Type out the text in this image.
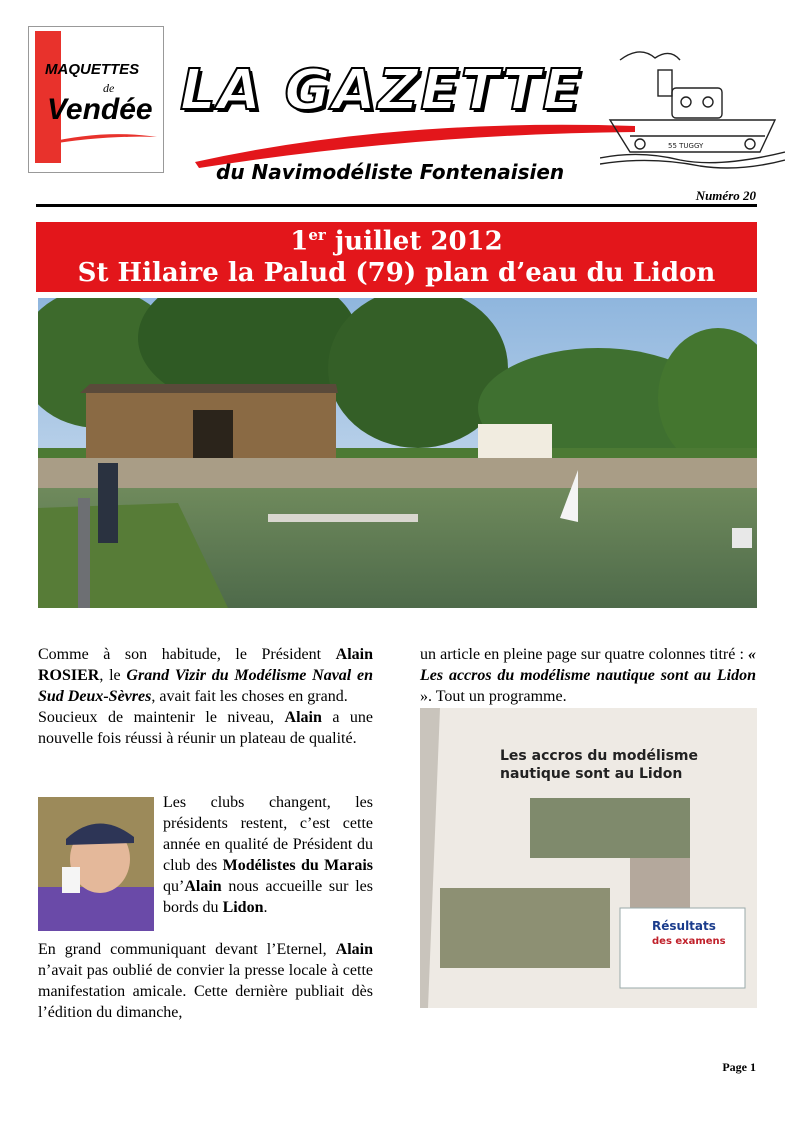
MAQUETTES
de
Vendée LA GAZETTE
du Navimodéliste Fontenaisien
55 TUGGY
Numéro 20
1er juillet 2012
St Hilaire la Palud (79) plan d’eau du Lidon

Comme à son habitude, le Président Alain ROSIER, le Grand Vizir du Modélisme Naval en Sud Deux-Sèvres, avait fait les choses en grand.

Soucieux de maintenir le niveau, Alain a une nouvelle fois réussi à réunir un plateau de qualité.

Les clubs changent, les présidents restent, c’est cette année en qualité de Président du club des Modélistes du Marais qu’Alain nous accueille sur les bords du Lidon.
En grand communiquant devant l’Eternel, Alain n’avait pas oublié de convier la presse locale à cette manifestation amicale. Cette dernière publiait dès l’édition du dimanche,
un article en pleine page sur quatre colonnes titré : « Les accros du modélisme nautique sont au Lidon ». Tout un programme.
Les accros du modélisme
nautique sont au Lidon
Résultats
des examens
Page 1
